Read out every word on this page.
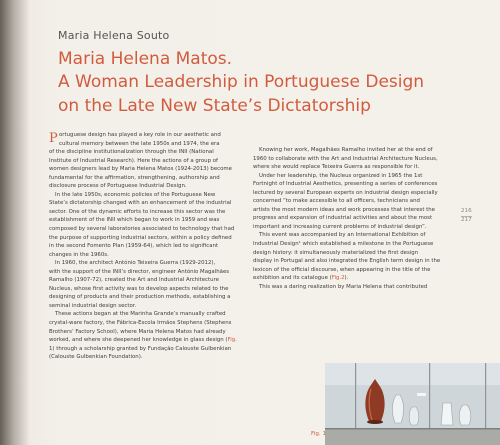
Maria Helena Souto
Maria Helena Matos.
A Woman Leadership in Portuguese Design
on the Late New State’s Dictatorship
P ortuguese design has played a key role in our aesthetic and
cultural memory between the late 1950s and 1974, the era
of the discipline institutionalization through the INII (National
Institute of Industrial Research). Here the actions of a group of
women designers lead by Maria Helena Matos (1924-2013) become
fundamental for the affirmation, strengthening, authorship and
disclosure process of Portuguese Industrial Design.
In the late 1950s, economic policies of the Portuguese New
State’s dictatorship changed with an enhancement of the industrial
sector. One of the dynamic efforts to increase this sector was the
establishment of the INII which began to work in 1959 and was
composed by several laboratories associated to technology that had
the purpose of supporting industrial sectors, within a policy defined
in the second Fomento Plan (1959-64), which led to significant
changes in the 1960s.
In 1960, the architect António Teixeira Guerra (1929-2012),
with the support of the INII’s director, engineer António Magalhães
Ramalho (1907-72), created the Art and Industrial Architecture
Nucleus, whose first activity was to develop aspects related to the
designing of products and their production methods, establishing a
seminal industrial design sector.
These actions began at the Marinha Grande’s manually crafted
crystal-ware factory, the Fábrica-Escola Irmãos Stephens (Stephens
Brothers’ Factory School), where Maria Helena Matos had already
worked, and where she deepened her knowledge in glass design (Fig.
1) through a scholarship granted by Fundação Calouste Gulbenkian
(Calouste Gulbenkian Foundation).
Knowing her work, Magalhães Ramalho invited her at the end of
1960 to collaborate with the Art and Industrial Architecture Nucleus,
where she would replace Teixeira Guerra as responsible for it.
Under her leadership, the Nucleus organized in 1965 the 1st
Fortnight of Industrial Aesthetics, presenting a series of conferences
lectured by several European experts on industrial design especially
concerned “to make accessible to all officers, technicians and
artists the most modern ideas and work processes that interest the
progress and expansion of industrial activities and about the most
important and increasing current problems of industrial design”.
This event was accompanied by an International Exhibition of
Industrial Design¹ which established a milestone in the Portuguese
design history: it simultaneously materialized the first design
display in Portugal and also integrated the English term design in the
lexicon of the official discourse, when appearing in the title of the
exhibition and its catalogue (Fig.2).
This was a daring realization by Maria Helena that contributed
216
217
Fig. 1
